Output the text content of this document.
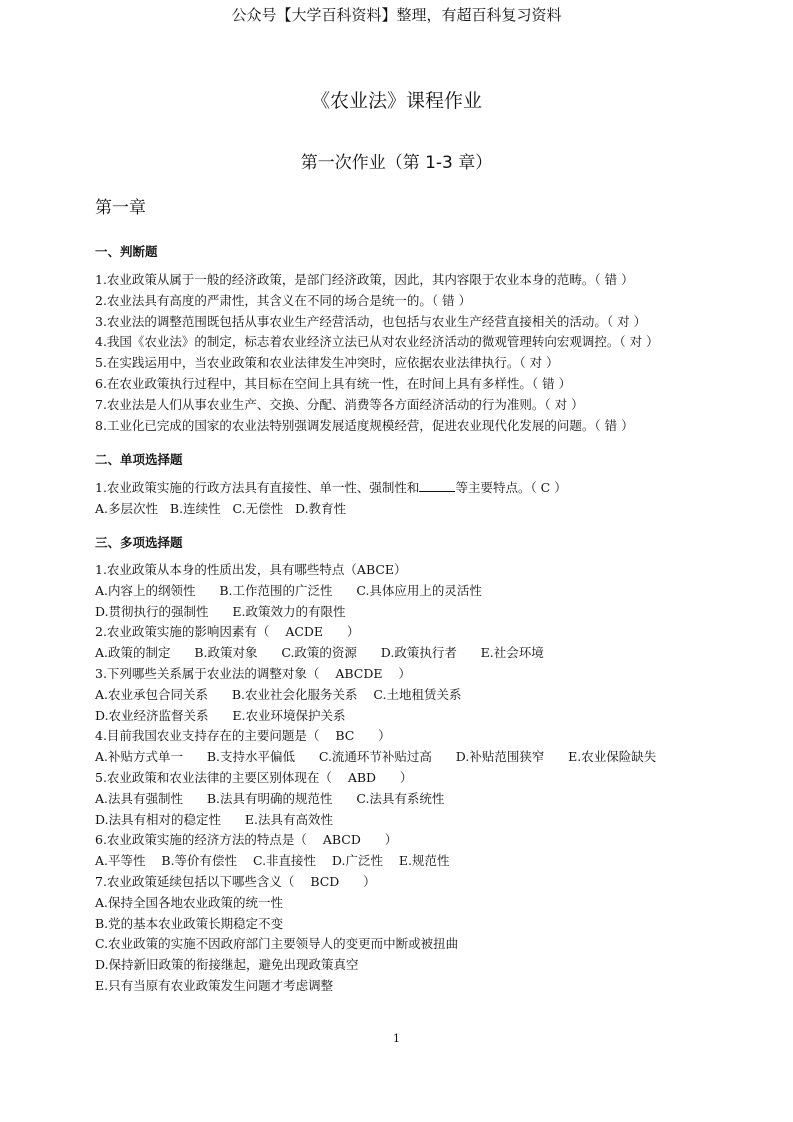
公众号【大学百科资料】整理，有超百科复习资料
《农业法》课程作业
第一次作业（第 1-3 章）
第一章
一、判断题
1.农业政策从属于一般的经济政策，是部门经济政策，因此，其内容限于农业本身的范畴。（ 错 ）
2.农业法具有高度的严肃性，其含义在不同的场合是统一的。（ 错 ）
3.农业法的调整范围既包括从事农业生产经营活动，也包括与农业生产经营直接相关的活动。（ 对 ）
4.我国《农业法》的制定，标志着农业经济立法已从对农业经济活动的微观管理转向宏观调控。（ 对 ）
5.在实践运用中，当农业政策和农业法律发生冲突时，应依据农业法律执行。（ 对 ）
6.在农业政策执行过程中，其目标在空间上具有统一性，在时间上具有多样性。（ 错 ）
7.农业法是人们从事农业生产、交换、分配、消费等各方面经济活动的行为准则。（ 对 ）
8.工业化已完成的国家的农业法特别强调发展适度规模经营，促进农业现代化发展的问题。（ 错 ）
二、单项选择题
1.农业政策实施的行政方法具有直接性、单一性、强制性和	等主要特点。（ C ）
A.多层次性   B.连续性   C.无偿性   D.教育性
三、多项选择题
1.农业政策从本身的性质出发，具有哪些特点（ABCE）
A.内容上的纲领性      B.工作范围的广泛性      C.具体应用上的灵活性
D.贯彻执行的强制性      E.政策效力的有限性
2.农业政策实施的影响因素有（    ACDE      ）
A.政策的制定      B.政策对象      C.政策的资源      D.政策执行者      E.社会环境
3.下列哪些关系属于农业法的调整对象（    ABCDE    ）
A.农业承包合同关系      B.农业社会化服务关系    C.土地租赁关系
D.农业经济监督关系      E.农业环境保护关系
4.目前我国农业支持存在的主要问题是（    BC      ）
A.补贴方式单一      B.支持水平偏低      C.流通环节补贴过高      D.补贴范围狭窄      E.农业保险缺失
5.农业政策和农业法律的主要区别体现在（    ABD      ）
A.法具有强制性      B.法具有明确的规范性      C.法具有系统性
D.法具有相对的稳定性      E.法具有高效性
6.农业政策实施的经济方法的特点是（    ABCD      ）
A.平等性    B.等价有偿性    C.非直接性    D.广泛性    E.规范性
7.农业政策延续包括以下哪些含义（    BCD      ）
A.保持全国各地农业政策的统一性
B.党的基本农业政策长期稳定不变
C.农业政策的实施不因政府部门主要领导人的变更而中断或被扭曲
D.保持新旧政策的衔接继起，避免出现政策真空
E.只有当原有农业政策发生问题才考虑调整
1
